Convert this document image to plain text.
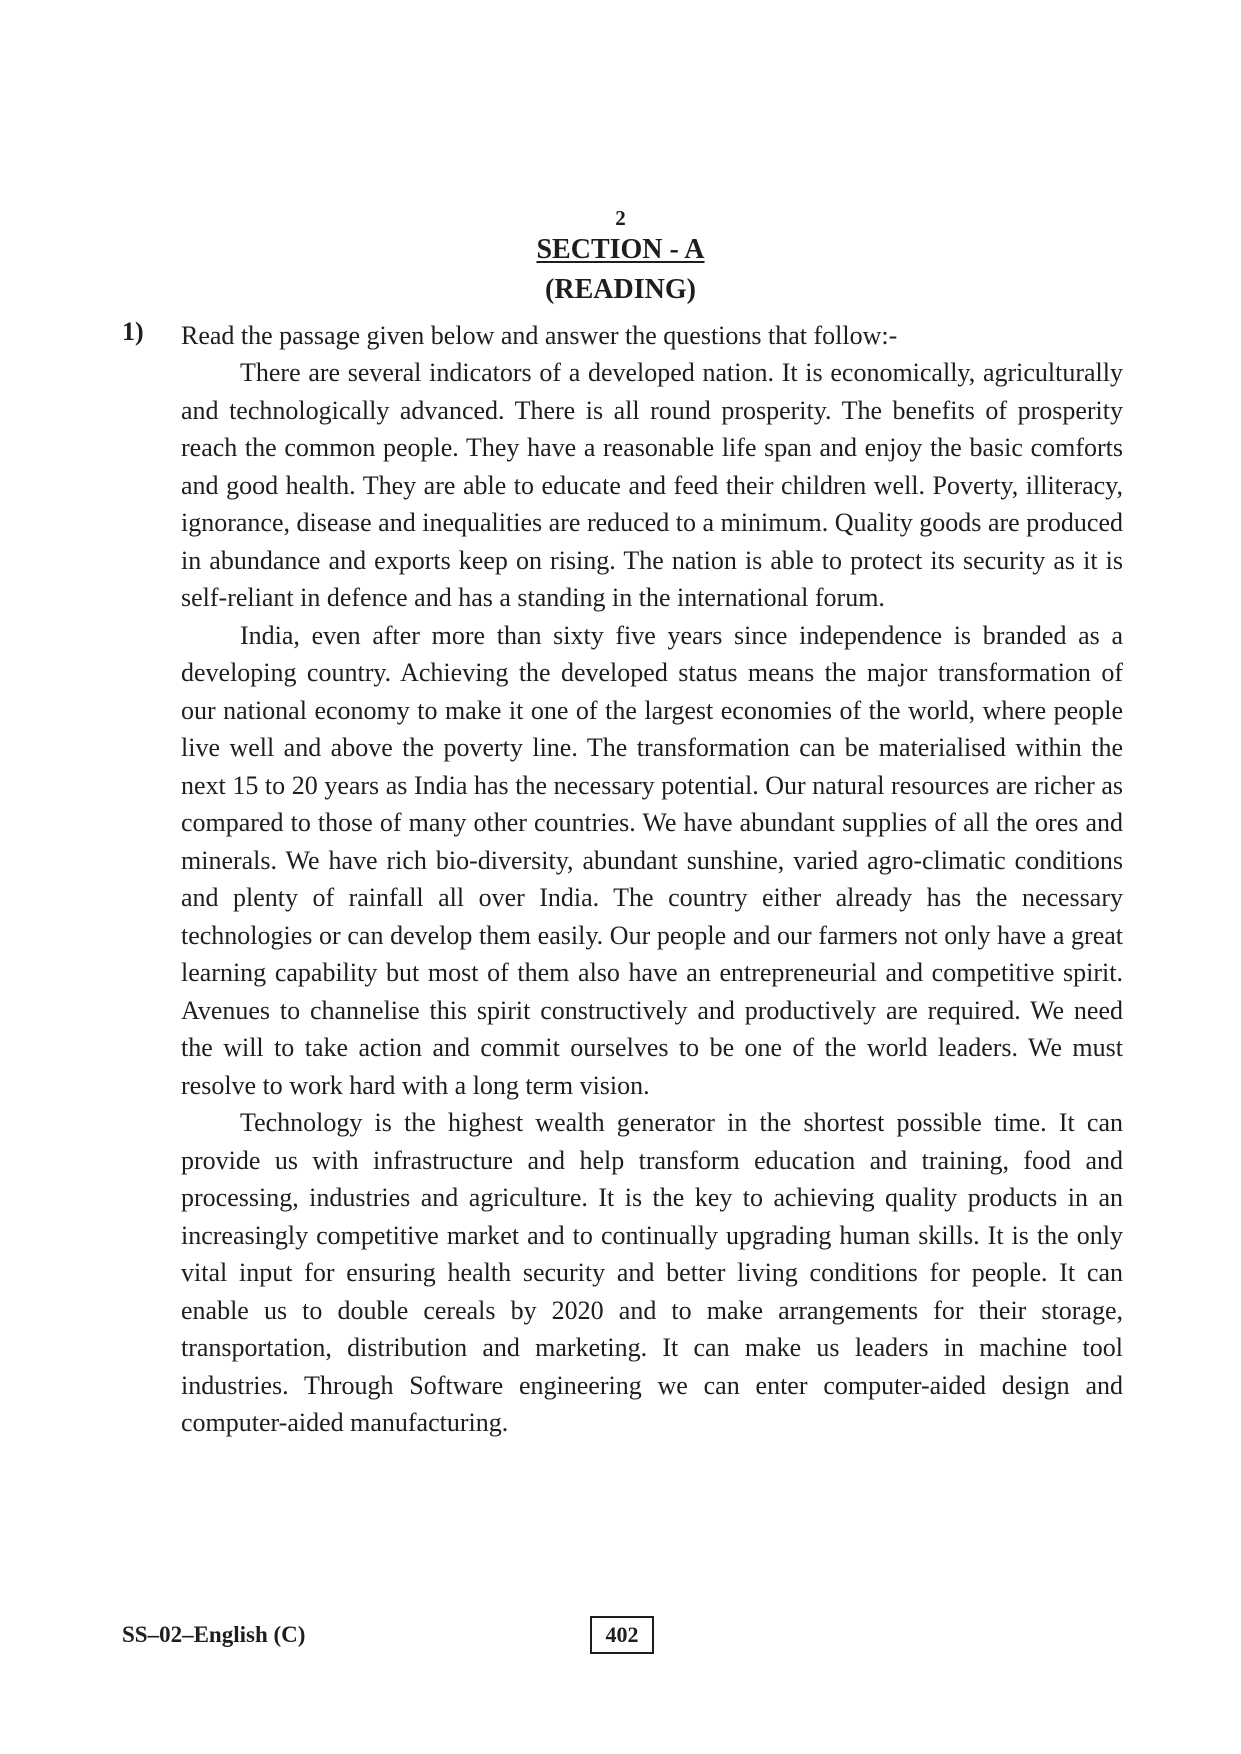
2
SECTION - A
(READING)
1) Read the passage given below and answer the questions that follow:-

There are several indicators of a developed nation. It is economically, agriculturally and technologically advanced. There is all round prosperity. The benefits of prosperity reach the common people. They have a reasonable life span and enjoy the basic comforts and good health. They are able to educate and feed their children well. Poverty, illiteracy, ignorance, disease and inequalities are reduced to a minimum. Quality goods are produced in abundance and exports keep on rising. The nation is able to protect its security as it is self-reliant in defence and has a standing in the international forum.

India, even after more than sixty five years since independence is branded as a developing country. Achieving the developed status means the major transformation of our national economy to make it one of the largest economies of the world, where people live well and above the poverty line. The transformation can be materialised within the next 15 to 20 years as India has the necessary potential. Our natural resources are richer as compared to those of many other countries. We have abundant supplies of all the ores and minerals. We have rich bio-diversity, abundant sunshine, varied agro-climatic conditions and plenty of rainfall all over India. The country either already has the necessary technologies or can develop them easily. Our people and our farmers not only have a great learning capability but most of them also have an entrepreneurial and competitive spirit. Avenues to channelise this spirit constructively and productively are required. We need the will to take action and commit ourselves to be one of the world leaders. We must resolve to work hard with a long term vision.

Technology is the highest wealth generator in the shortest possible time. It can provide us with infrastructure and help transform education and training, food and processing, industries and agriculture. It is the key to achieving quality products in an increasingly competitive market and to continually upgrading human skills. It is the only vital input for ensuring health security and better living conditions for people. It can enable us to double cereals by 2020 and to make arrangements for their storage, transportation, distribution and marketing. It can make us leaders in machine tool industries. Through Software engineering we can enter computer-aided design and computer-aided manufacturing.

SS–02–English (C)	402
